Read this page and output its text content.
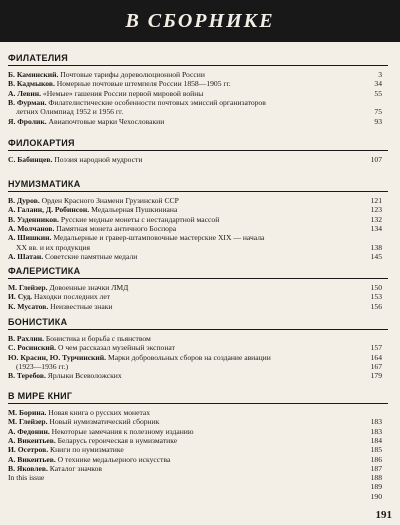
В СБОРНИКЕ
ФИЛАТЕЛИЯ
Б. Каминский. Почтовые тарифы дореволюционной России	3
В. Кадмыков. Номерные почтовые штемпеля России 1858—1905 гг.	34
А. Левин. «Немые» гашения России первой мировой войны	55
В. Фурман. Филателистические особенности почтовых эмиссий организаторов
летних Олимпиад 1952 и 1956 гг.	75
Я. Фролик. Авиапочтовые марки Чехословакии	93
ФИЛОКАРТИЯ
С. Бабинцев. Поэзия народной мудрости	107
НУМИЗМАТИКА
В. Дуров. Орден Красного Знамени Грузинской ССР	121
А. Галаин, Д. Робинсон. Медальерная Пушкиниана	123
В. Узденников. Русские медные монеты с нестандартной массой	132
А. Молчанов. Памятная монета античного Боспора	134
А. Шишкин. Медальерные и гравер-штамповочные мастерские XIX — начала
XX вв. и их продукция	138
А. Шатан. Советские памятные медали	145
ФАЛЕРИСТИКА
М. Глейзер. Довоенные значки ЛМД	150
И. Суд. Находки последних лет	153
К. Мусатов. Неизвестные знаки	156
БОНИСТИКА
В. Рахлин. Бонистика и борьба с пьянством
С. Росинский. О чем рассказал музейный экспонат	157
Ю. Красин, Ю. Турчинский. Марки добровольных сборов на создание авиации	164
(1923—1936 гг.)	167
В. Теребов. Ярлыки Всеволожских	179
В МИРЕ КНИГ
М. Борина. Новая книга о русских монетах
М. Глейзер. Новый нумизматический сборник	183
А. Федонин. Некоторые замечания к полезному изданию	183
А. Викентьев. Беларусь героическая в нумизматике	184
И. Осетров. Книги по нумизматике	185
А. Викентьев. О технике медальерного искусства	186
В. Яковлев. Каталог значков	187
In this issue	188
189
190
191
